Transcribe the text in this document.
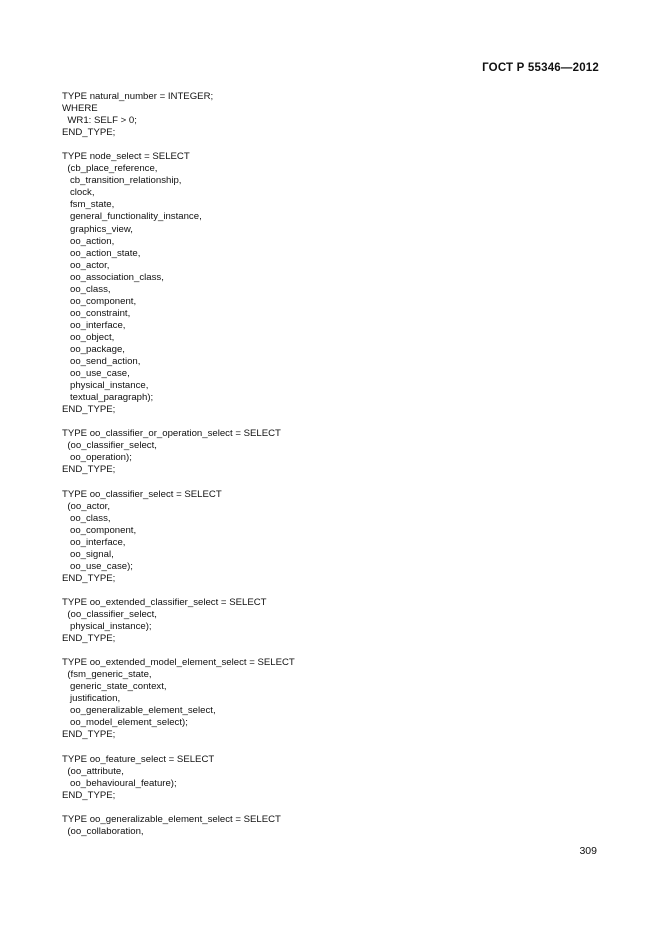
ГОСТ Р 55346—2012
TYPE natural_number = INTEGER;
WHERE
WR1: SELF > 0;
END_TYPE;
TYPE node_select = SELECT
(cb_place_reference,
cb_transition_relationship,
clock,
fsm_state,
general_functionality_instance,
graphics_view,
oo_action,
oo_action_state,
oo_actor,
oo_association_class,
oo_class,
oo_component,
oo_constraint,
oo_interface,
oo_object,
oo_package,
oo_send_action,
oo_use_case,
physical_instance,
textual_paragraph);
END_TYPE;
TYPE oo_classifier_or_operation_select = SELECT
(oo_classifier_select,
oo_operation);
END_TYPE;
TYPE oo_classifier_select = SELECT
(oo_actor,
oo_class,
oo_component,
oo_interface,
oo_signal,
oo_use_case);
END_TYPE;
TYPE oo_extended_classifier_select = SELECT
(oo_classifier_select,
physical_instance);
END_TYPE;
TYPE oo_extended_model_element_select = SELECT
(fsm_generic_state,
generic_state_context,
justification,
oo_generalizable_element_select,
oo_model_element_select);
END_TYPE;
TYPE oo_feature_select = SELECT
(oo_attribute,
oo_behavioural_feature);
END_TYPE;
TYPE oo_generalizable_element_select = SELECT
(oo_collaboration,
309
